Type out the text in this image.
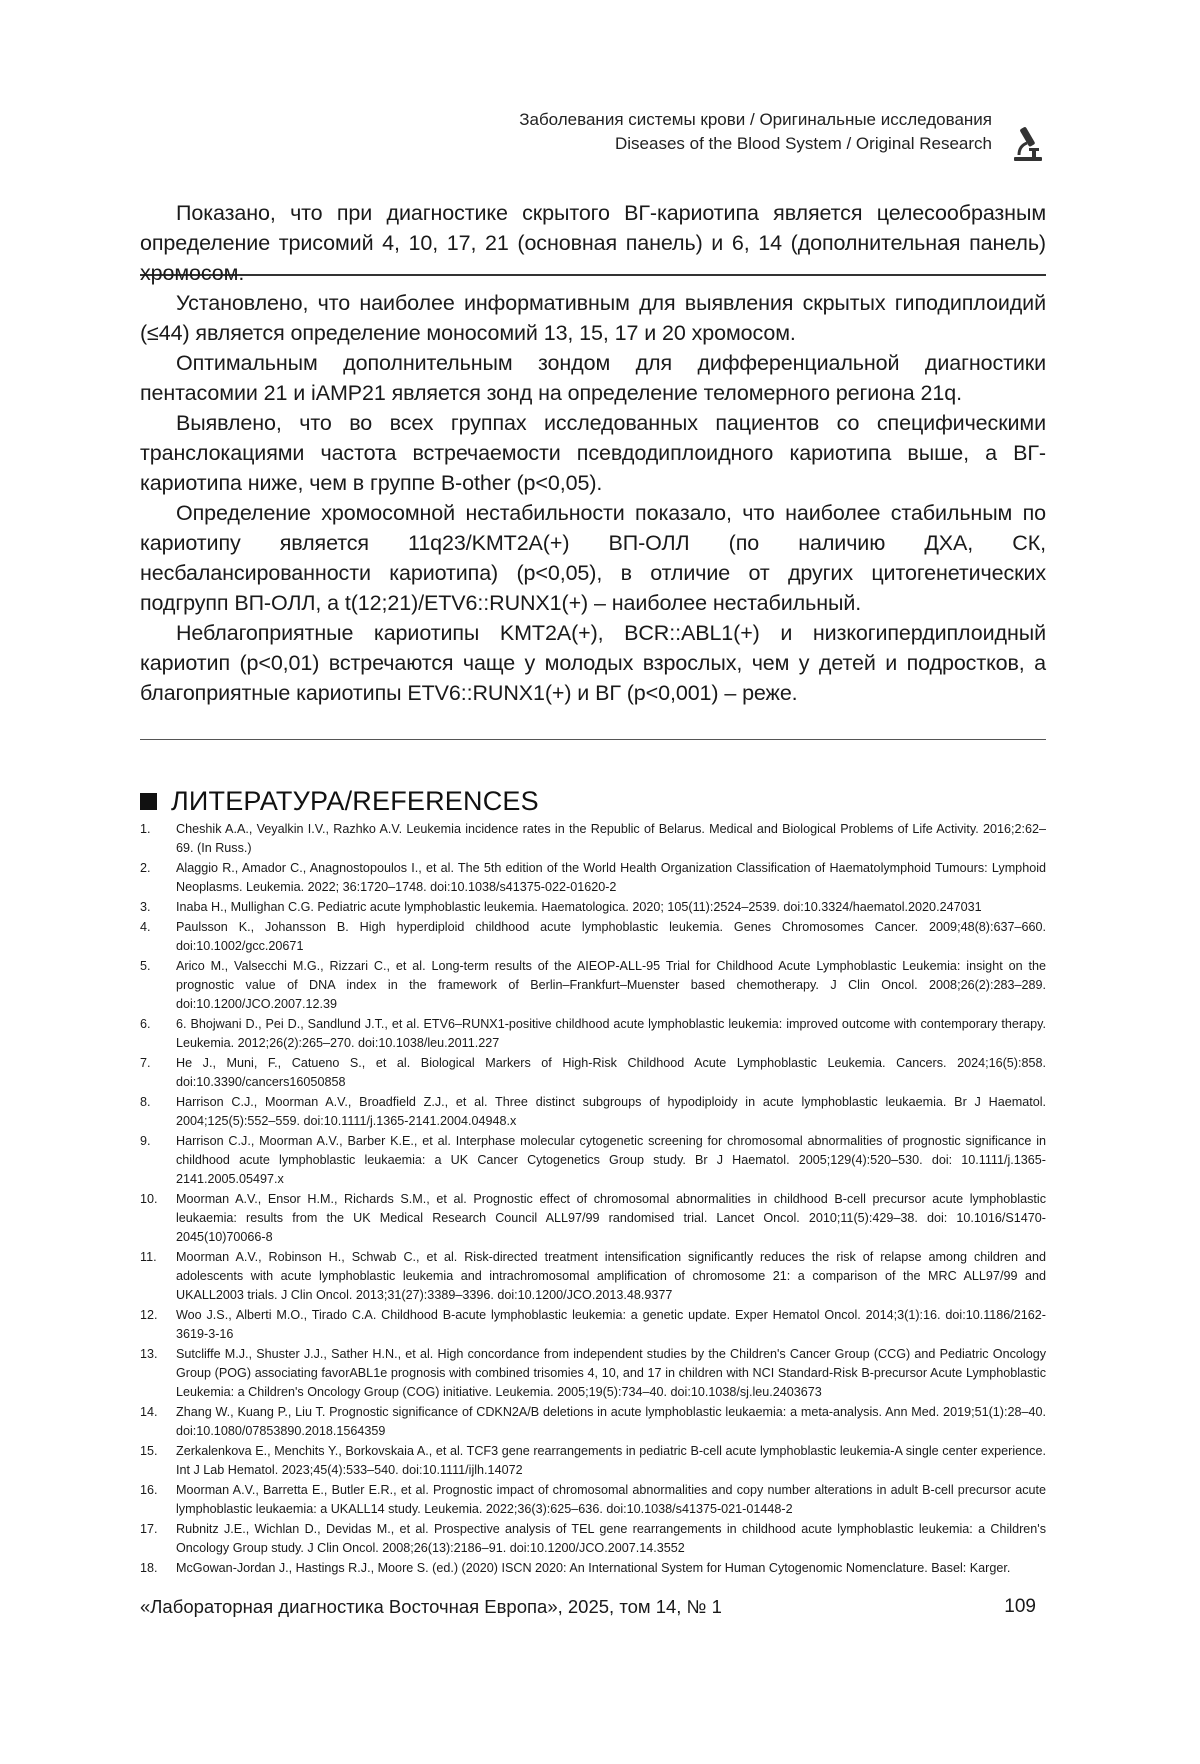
Заболевания системы крови / Оригинальные исследования
Diseases of the Blood System / Original Research

Показано, что при диагностике скрытого ВГ-кариотипа является целесообразным определение трисомий 4, 10, 17, 21 (основная панель) и 6, 14 (дополнительная панель) хромосом.

Установлено, что наиболее информативным для выявления скрытых гиподиплоидий (≤44) является определение моносомий 13, 15, 17 и 20 хромосом.

Оптимальным дополнительным зондом для дифференциальной диагностики пентасомии 21 и iAMP21 является зонд на определение теломерного региона 21q.

Выявлено, что во всех группах исследованных пациентов со специфическими транслокациями частота встречаемости псевдодиплоидного кариотипа выше, а ВГ-кариотипа ниже, чем в группе B-other (p<0,05).

Определение хромосомной нестабильности показало, что наиболее стабильным по кариотипу является 11q23/KMT2A(+) ВП-ОЛЛ (по наличию ДХА, СК, несбалансированности кариотипа) (p<0,05), в отличие от других цитогенетических подгрупп ВП-ОЛЛ, а t(12;21)/ETV6::RUNX1(+) – наиболее нестабильный.

Неблагоприятные кариотипы KMT2A(+), BCR::ABL1(+) и низкогипердиплоидный кариотип (p<0,01) встречаются чаще у молодых взрослых, чем у детей и подростков, а благоприятные кариотипы ETV6::RUNX1(+) и ВГ (p<0,001) – реже.

ЛИТЕРАТУРА/REFERENCES
1. Cheshik A.A., Veyalkin I.V., Razhko A.V. Leukemia incidence rates in the Republic of Belarus. Medical and Biological Problems of Life Activity. 2016;2:62–69. (In Russ.)
2. Alaggio R., Amador C., Anagnostopoulos I., et al. The 5th edition of the World Health Organization Classification of Haematolymphoid Tumours: Lymphoid Neoplasms. Leukemia. 2022; 36:1720–1748. doi:10.1038/s41375-022-01620-2
3. Inaba H., Mullighan C.G. Pediatric acute lymphoblastic leukemia. Haematologica. 2020; 105(11):2524–2539. doi:10.3324/haematol.2020.247031
4. Paulsson K., Johansson B. High hyperdiploid childhood acute lymphoblastic leukemia. Genes Chromosomes Cancer. 2009;48(8):637–660. doi:10.1002/gcc.20671
5. Arico M., Valsecchi M.G., Rizzari C., et al. Long-term results of the AIEOP-ALL-95 Trial for Childhood Acute Lymphoblastic Leukemia: insight on the prognostic value of DNA index in the framework of Berlin–Frankfurt–Muenster based chemotherapy. J Clin Oncol. 2008;26(2):283–289. doi:10.1200/JCO.2007.12.39
6. 6. Bhojwani D., Pei D., Sandlund J.T., et al. ETV6–RUNX1-positive childhood acute lymphoblastic leukemia: improved outcome with contemporary therapy. Leukemia. 2012;26(2):265–270. doi:10.1038/leu.2011.227
7. He J., Muni, F., Catueno S., et al. Biological Markers of High-Risk Childhood Acute Lymphoblastic Leukemia. Cancers. 2024;16(5):858. doi:10.3390/cancers16050858
8. Harrison C.J., Moorman A.V., Broadfield Z.J., et al. Three distinct subgroups of hypodiploidy in acute lymphoblastic leukaemia. Br J Haematol. 2004;125(5):552–559. doi:10.1111/j.1365-2141.2004.04948.x
9. Harrison C.J., Moorman A.V., Barber K.E., et al. Interphase molecular cytogenetic screening for chromosomal abnormalities of prognostic significance in childhood acute lymphoblastic leukaemia: a UK Cancer Cytogenetics Group study. Br J Haematol. 2005;129(4):520–530. doi: 10.1111/j.1365-2141.2005.05497.x
10. Moorman A.V., Ensor H.M., Richards S.M., et al. Prognostic effect of chromosomal abnormalities in childhood B-cell precursor acute lymphoblastic leukaemia: results from the UK Medical Research Council ALL97/99 randomised trial. Lancet Oncol. 2010;11(5):429–38. doi: 10.1016/S1470-2045(10)70066-8
11. Moorman A.V., Robinson H., Schwab C., et al. Risk-directed treatment intensification significantly reduces the risk of relapse among children and adolescents with acute lymphoblastic leukemia and intrachromosomal amplification of chromosome 21: a comparison of the MRC ALL97/99 and UKALL2003 trials. J Clin Oncol. 2013;31(27):3389–3396. doi:10.1200/JCO.2013.48.9377
12. Woo J.S., Alberti M.O., Tirado C.A. Childhood B-acute lymphoblastic leukemia: a genetic update. Exper Hematol Oncol. 2014;3(1):16. doi:10.1186/2162-3619-3-16
13. Sutcliffe M.J., Shuster J.J., Sather H.N., et al. High concordance from independent studies by the Children's Cancer Group (CCG) and Pediatric Oncology Group (POG) associating favorABL1e prognosis with combined trisomies 4, 10, and 17 in children with NCI Standard-Risk B-precursor Acute Lymphoblastic Leukemia: a Children's Oncology Group (COG) initiative. Leukemia. 2005;19(5):734–40. doi:10.1038/sj.leu.2403673
14. Zhang W., Kuang P., Liu T. Prognostic significance of CDKN2A/B deletions in acute lymphoblastic leukaemia: a meta-analysis. Ann Med. 2019;51(1):28–40. doi:10.1080/07853890.2018.1564359
15. Zerkalenkova E., Menchits Y., Borkovskaia A., et al. TCF3 gene rearrangements in pediatric B-cell acute lymphoblastic leukemia-A single center experience. Int J Lab Hematol. 2023;45(4):533–540. doi:10.1111/ijlh.14072
16. Moorman A.V., Barretta E., Butler E.R., et al. Prognostic impact of chromosomal abnormalities and copy number alterations in adult B-cell precursor acute lymphoblastic leukaemia: a UKALL14 study. Leukemia. 2022;36(3):625–636. doi:10.1038/s41375-021-01448-2
17. Rubnitz J.E., Wichlan D., Devidas M., et al. Prospective analysis of TEL gene rearrangements in childhood acute lymphoblastic leukemia: a Children's Oncology Group study. J Clin Oncol. 2008;26(13):2186–91. doi:10.1200/JCO.2007.14.3552
18. McGowan-Jordan J., Hastings R.J., Moore S. (ed.) (2020) ISCN 2020: An International System for Human Cytogenomic Nomenclature. Basel: Karger.
«Лабораторная диагностика Восточная Европа», 2025, том 14, № 1	109
